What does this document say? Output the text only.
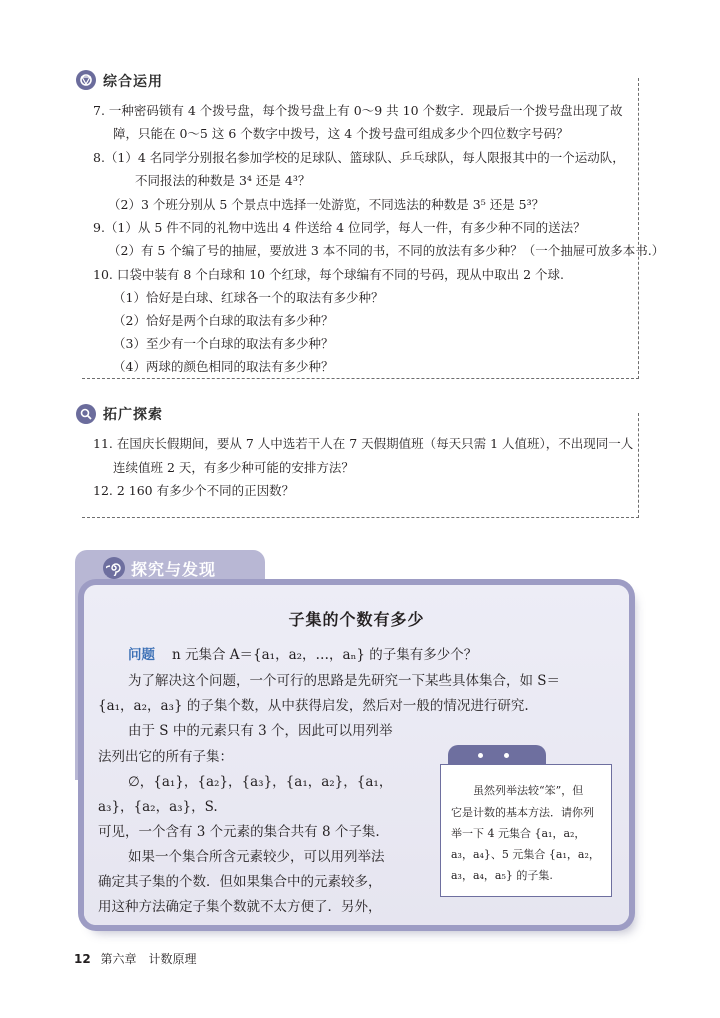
综合运用
7. 一种密码锁有 4 个拨号盘，每个拨号盘上有 0～9 共 10 个数字．现最后一个拨号盘出现了故
障，只能在 0～5 这 6 个数字中拨号，这 4 个拨号盘可组成多少个四位数字号码？
8.（1）4 名同学分别报名参加学校的足球队、篮球队、乒乓球队，每人限报其中的一个运动队，
不同报法的种数是 3⁴ 还是 4³？
（2）3 个班分别从 5 个景点中选择一处游览，不同选法的种数是 3⁵ 还是 5³？
9.（1）从 5 件不同的礼物中选出 4 件送给 4 位同学，每人一件，有多少种不同的送法？
（2）有 5 个编了号的抽屉，要放进 3 本不同的书，不同的放法有多少种？（一个抽屉可放多本书.）
10. 口袋中装有 8 个白球和 10 个红球，每个球编有不同的号码，现从中取出 2 个球.
（1）恰好是白球、红球各一个的取法有多少种？
（2）恰好是两个白球的取法有多少种？
（3）至少有一个白球的取法有多少种？
（4）两球的颜色相同的取法有多少种？
拓广探索
11. 在国庆长假期间，要从 7 人中选若干人在 7 天假期值班（每天只需 1 人值班），不出现同一人
连续值班 2 天，有多少种可能的安排方法？
12. 2 160 有多少个不同的正因数？
探究与发现
子集的个数有多少
问题 n 元集合 A＝{a₁，a₂，…，aₙ} 的子集有多少个？
为了解决这个问题，一个可行的思路是先研究一下某些具体集合，如 S＝
{a₁，a₂，a₃} 的子集个数，从中获得启发，然后对一般的情况进行研究.
由于 S 中的元素只有 3 个，因此可以用列举
法列出它的所有子集：
∅，{a₁}，{a₂}，{a₃}，{a₁，a₂}，{a₁，
a₃}，{a₂，a₃}，S.
可见，一个含有 3 个元素的集合共有 8 个子集.
如果一个集合所含元素较少，可以用列举法
确定其子集的个数．但如果集合中的元素较多，
用这种方法确定子集个数就不太方便了．另外，
虽然列举法较“笨”，但
它是计数的基本方法．请你列
举一下 4 元集合 {a₁，a₂，
a₃，a₄}、5 元集合 {a₁，a₂，
a₃，a₄，a₅} 的子集.
12 第六章　计数原理
